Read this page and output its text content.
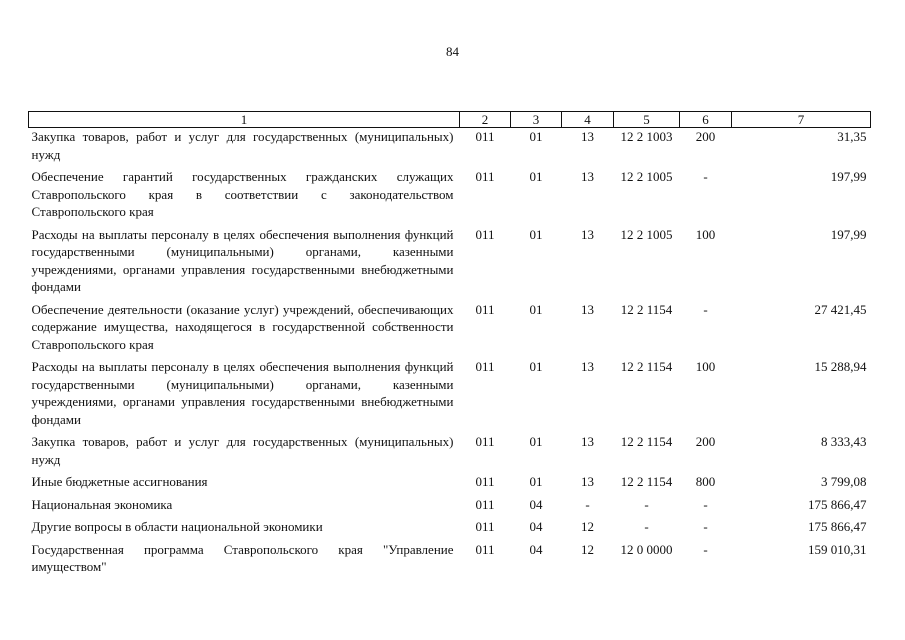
84
1	2	3	4	5	6	7
Закупка товаров, работ и услуг для государственных (муниципальных) нужд	011	01	13	12 2 1003	200	31,35
Обеспечение гарантий государственных гражданских служащих Ставропольского края в соответствии с законодательством Ставропольского края	011	01	13	12 2 1005	-	197,99
Расходы на выплаты персоналу в целях обеспечения выполнения функций государственными (муниципальными) органами, казенными учреждениями, органами управления государственными внебюджетными фондами	011	01	13	12 2 1005	100	197,99
Обеспечение деятельности (оказание услуг) учреждений, обеспечивающих содержание имущества, находящегося в государственной собственности Ставропольского края	011	01	13	12 2 1154	-	27 421,45
Расходы на выплаты персоналу в целях обеспечения выполнения функций государственными (муниципальными) органами, казенными учреждениями, органами управления государственными внебюджетными фондами	011	01	13	12 2 1154	100	15 288,94
Закупка товаров, работ и услуг для государственных (муниципальных) нужд	011	01	13	12 2 1154	200	8 333,43
Иные бюджетные ассигнования	011	01	13	12 2 1154	800	3 799,08
Национальная экономика	011	04	-	-	-	175 866,47
Другие вопросы в области национальной экономики	011	04	12	-	-	175 866,47
Государственная программа Ставропольского края "Управление имуществом"	011	04	12	12 0 0000	-	159 010,31
